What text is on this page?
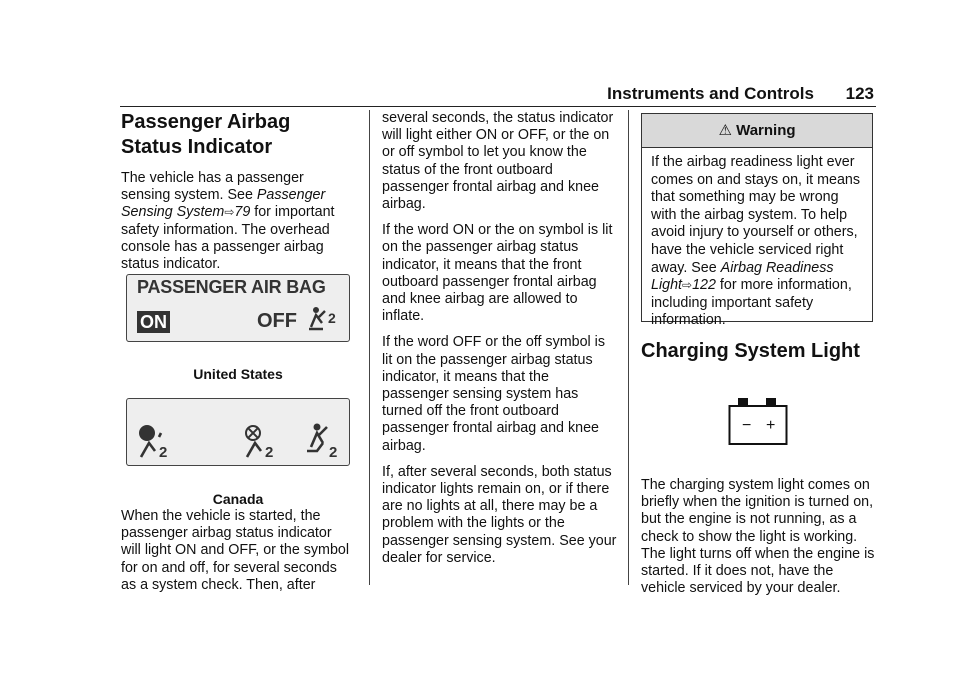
Instruments and Controls 123
Passenger Airbag Status Indicator

The vehicle has a passenger sensing system. See Passenger Sensing System⇨79 for important safety information. The overhead console has a passenger airbag status indicator.

PASSENGER AIR BAG
ON	OFF 2
United States
2	2	2
Canada

When the vehicle is started, the passenger airbag status indicator will light ON and OFF, or the symbol for on and off, for several seconds as a system check. Then, after

several seconds, the status indicator will light either ON or OFF, or the on or off symbol to let you know the status of the front outboard passenger frontal airbag and knee airbag.

If the word ON or the on symbol is lit on the passenger airbag status indicator, it means that the front outboard passenger frontal airbag and knee airbag are allowed to inflate.

If the word OFF or the off symbol is lit on the passenger airbag status indicator, it means that the passenger sensing system has turned off the front outboard passenger frontal airbag and knee airbag.

If, after several seconds, both status indicator lights remain on, or if there are no lights at all, there may be a problem with the lights or the passenger sensing system. See your dealer for service.

⚠ Warning
If the airbag readiness light ever comes on and stays on, it means that something may be wrong with the airbag system. To help avoid injury to yourself or others, have the vehicle serviced right away. See Airbag Readiness Light⇨122 for more information, including important safety information.
Charging System Light
− +
The charging system light comes on briefly when the ignition is turned on, but the engine is not running, as a check to show the light is working. The light turns off when the engine is started. If it does not, have the vehicle serviced by your dealer.
